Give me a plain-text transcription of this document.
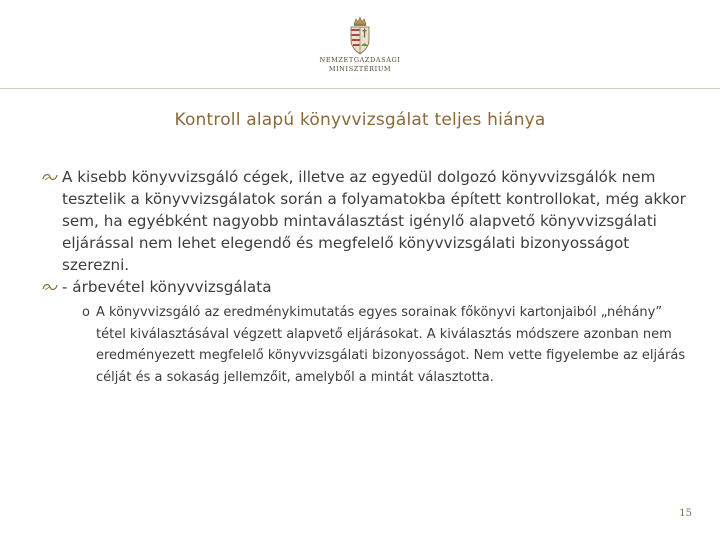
NEMZETGAZDASÁGI
MINISZTÉRIUM
Kontroll alapú könyvvizsgálat teljes hiánya
A kisebb könyvvizsgáló cégek, illetve az egyedül dolgozó könyvvizsgálók nem tesztelik a könyvvizsgálatok során a folyamatokba épített kontrollokat, még akkor sem, ha egyébként nagyobb mintaválasztást igénylő alapvető könyvvizsgálati eljárással nem lehet elegendő és megfelelő könyvvizsgálati bizonyosságot szerezni.
- árbevétel könyvvizsgálata
o A könyvvizsgáló az eredménykimutatás egyes sorainak főkönyvi kartonjaiból „néhány” tétel kiválasztásával végzett alapvető eljárásokat. A kiválasztás módszere azonban nem eredményezett megfelelő könyvvizsgálati bizonyosságot. Nem vette figyelembe az eljárás célját és a sokaság jellemzőit, amelyből a mintát választotta.
15
